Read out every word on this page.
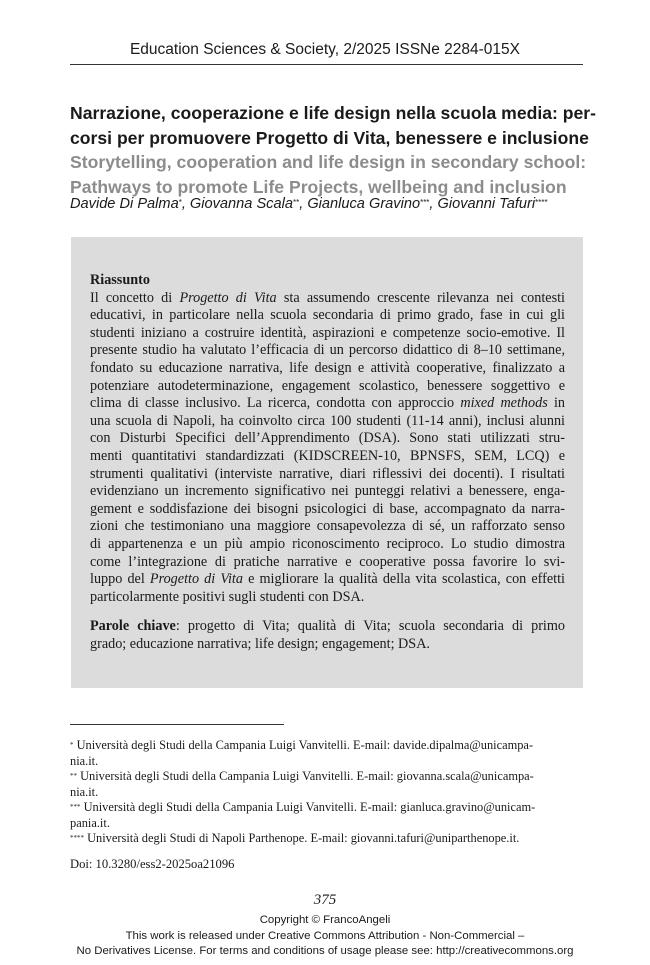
Education Sciences & Society, 2/2025 ISSNe 2284-015X
Narrazione, cooperazione e life design nella scuola media: per-
corsi per promuovere Progetto di Vita, benessere e inclusione
Storytelling, cooperation and life design in secondary school:
Pathways to promote Life Projects, wellbeing and inclusion
Davide Di Palma*, Giovanna Scala**, Gianluca Gravino***, Giovanni Tafuri****
Riassunto
Il concetto di Progetto di Vita sta assumendo crescente rilevanza nei contesti
educativi, in particolare nella scuola secondaria di primo grado, fase in cui gli
studenti iniziano a costruire identità, aspirazioni e competenze socio-emotive. Il
presente studio ha valutato l’efficacia di un percorso didattico di 8–10 settimane,
fondato su educazione narrativa, life design e attività cooperative, finalizzato a
potenziare autodeterminazione, engagement scolastico, benessere soggettivo e
clima di classe inclusivo. La ricerca, condotta con approccio mixed methods in
una scuola di Napoli, ha coinvolto circa 100 studenti (11-14 anni), inclusi alunni
con Disturbi Specifici dell’Apprendimento (DSA). Sono stati utilizzati stru-
menti quantitativi standardizzati (KIDSCREEN-10, BPNSFS, SEM, LCQ) e
strumenti qualitativi (interviste narrative, diari riflessivi dei docenti). I risultati
evidenziano un incremento significativo nei punteggi relativi a benessere, enga-
gement e soddisfazione dei bisogni psicologici di base, accompagnato da narra-
zioni che testimoniano una maggiore consapevolezza di sé, un rafforzato senso
di appartenenza e un più ampio riconoscimento reciproco. Lo studio dimostra
come l’integrazione di pratiche narrative e cooperative possa favorire lo svi-
luppo del Progetto di Vita e migliorare la qualità della vita scolastica, con effetti
particolarmente positivi sugli studenti con DSA.
Parole chiave: progetto di Vita; qualità di Vita; scuola secondaria di primo
grado; educazione narrativa; life design; engagement; DSA.
* Università degli Studi della Campania Luigi Vanvitelli. E-mail: davide.dipalma@unicampa-
nia.it.
** Università degli Studi della Campania Luigi Vanvitelli. E-mail: giovanna.scala@unicampa-
nia.it.
*** Università degli Studi della Campania Luigi Vanvitelli. E-mail: gianluca.gravino@unicam-
pania.it.
**** Università degli Studi di Napoli Parthenope. E-mail: giovanni.tafuri@uniparthenope.it.
Doi: 10.3280/ess2-2025oa21096
375
Copyright © FrancoAngeli
This work is released under Creative Commons Attribution - Non-Commercial –
No Derivatives License. For terms and conditions of usage please see: http://creativecommons.org
